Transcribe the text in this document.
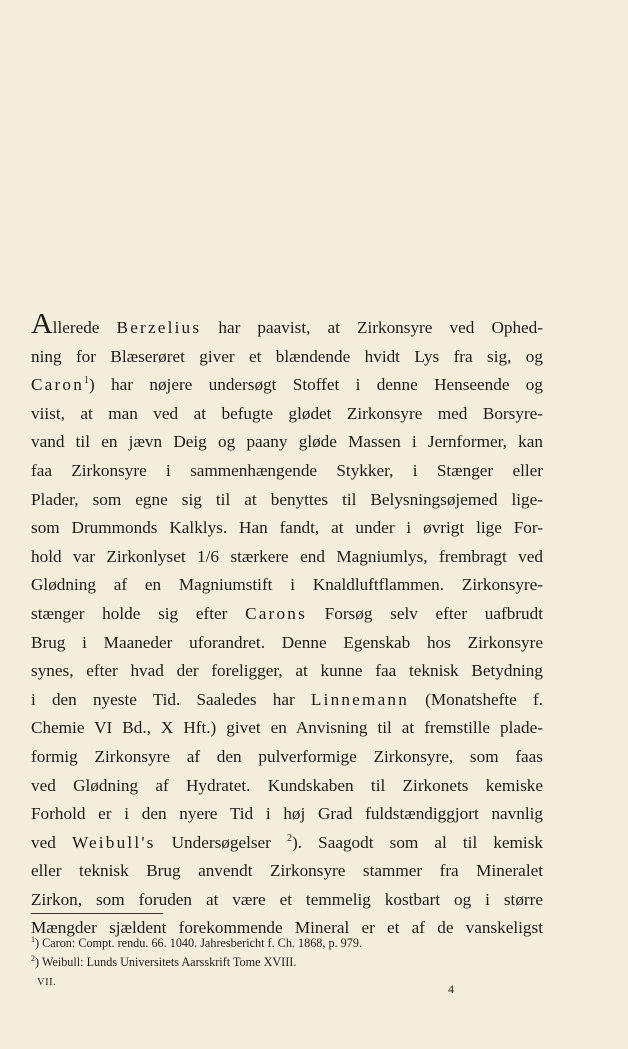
Allerede Berzelius har paavist, at Zirkonsyre ved Ophed-
ning for Blæserøret giver et blændende hvidt Lys fra sig, og
Caron$^1$) har nøjere undersøgt Stoffet i denne Henseende og
viist, at man ved at befugte glødet Zirkonsyre med Borsyre-
vand til en jævn Deig og paany gløde Massen i Jernformer, kan
faa Zirkonsyre i sammenhængende Stykker, i Stænger eller
Plader, som egne sig til at benyttes til Belysningsøjemed lige-
som Drummonds Kalklys. Han fandt, at under i øvrigt lige For-
hold var Zirkonlyset 1/6 stærkere end Magniumlys, frembragt ved
Glødning af en Magniumstift i Knaldluftflammen. Zirkonsyre-
stænger holde sig efter Carons Forsøg selv efter uafbrudt
Brug i Maaneder uforandret. Denne Egenskab hos Zirkonsyre
synes, efter hvad der foreligger, at kunne faa teknisk Betydning
i den nyeste Tid. Saaledes har Linnemann (Monatshefte f.
Chemie VI Bd., X Hft.) givet en Anvisning til at fremstille plade-
formig Zirkonsyre af den pulverformige Zirkonsyre, som faas
ved Glødning af Hydratet. Kundskaben til Zirkonets kemiske
Forhold er i den nyere Tid i høj Grad fuldstændiggjort navnlig
ved Weibull's Undersøgelser $^2$). Saagodt som al til kemisk
eller teknisk Brug anvendt Zirkonsyre stammer fra Mineralet
Zirkon, som foruden at være et temmelig kostbart og i større
Mængder sjældent forekommende Mineral er et af de vanskeligst
$^1$) Caron: Compt. rendu. 66. 1040. Jahresbericht f. Ch. 1868, p. 979.
$^2$) Weibull: Lunds Universitets Aarsskrift Tome XVIII.
VII.	4
